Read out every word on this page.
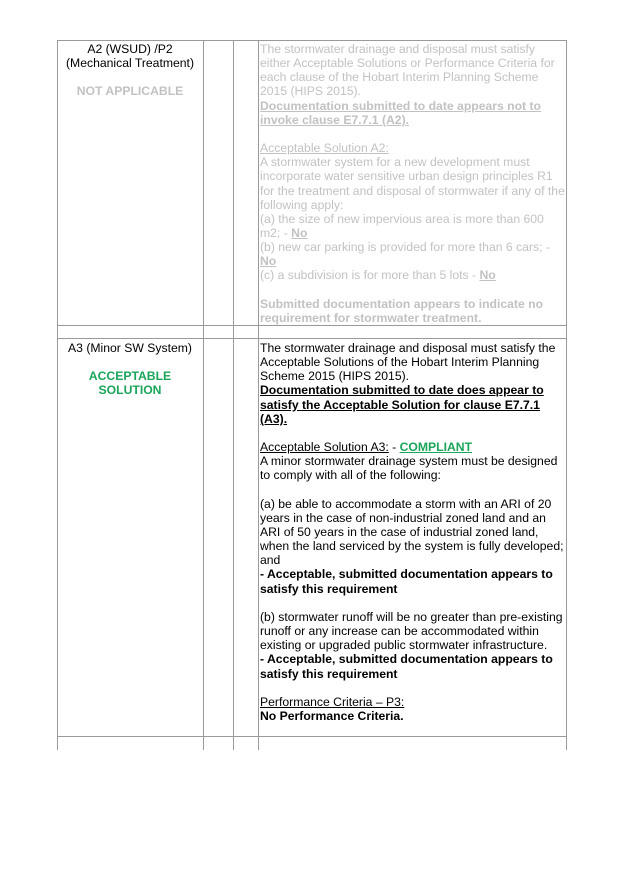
A2 (WSUD) /P2
(Mechanical Treatment)
NOT APPLICABLE

The stormwater drainage and disposal must satisfy either Acceptable Solutions or Performance Criteria for each clause of the Hobart Interim Planning Scheme 2015 (HIPS 2015).

Documentation submitted to date appears not to invoke clause E7.7.1 (A2).

Acceptable Solution A2:

A stormwater system for a new development must incorporate water sensitive urban design principles R1 for the treatment and disposal of stormwater if any of the following apply:

(a) the size of new impervious area is more than 600 m2; - No

(b) new car parking is provided for more than 6 cars; - No

(c) a subdivision is for more than 5 lots - No

Submitted documentation appears to indicate no requirement for stormwater treatment.

A3 (Minor SW System)
ACCEPTABLE
SOLUTION

The stormwater drainage and disposal must satisfy the Acceptable Solutions of the Hobart Interim Planning Scheme 2015 (HIPS 2015).

Documentation submitted to date does appear to satisfy the Acceptable Solution for clause E7.7.1 (A3).

Acceptable Solution A3: - COMPLIANT

A minor stormwater drainage system must be designed to comply with all of the following:

(a) be able to accommodate a storm with an ARI of 20 years in the case of non-industrial zoned land and an ARI of 50 years in the case of industrial zoned land, when the land serviced by the system is fully developed; and

- Acceptable, submitted documentation appears to satisfy this requirement

(b) stormwater runoff will be no greater than pre-existing runoff or any increase can be accommodated within existing or upgraded public stormwater infrastructure.

- Acceptable, submitted documentation appears to satisfy this requirement

Performance Criteria – P3:

No Performance Criteria.
